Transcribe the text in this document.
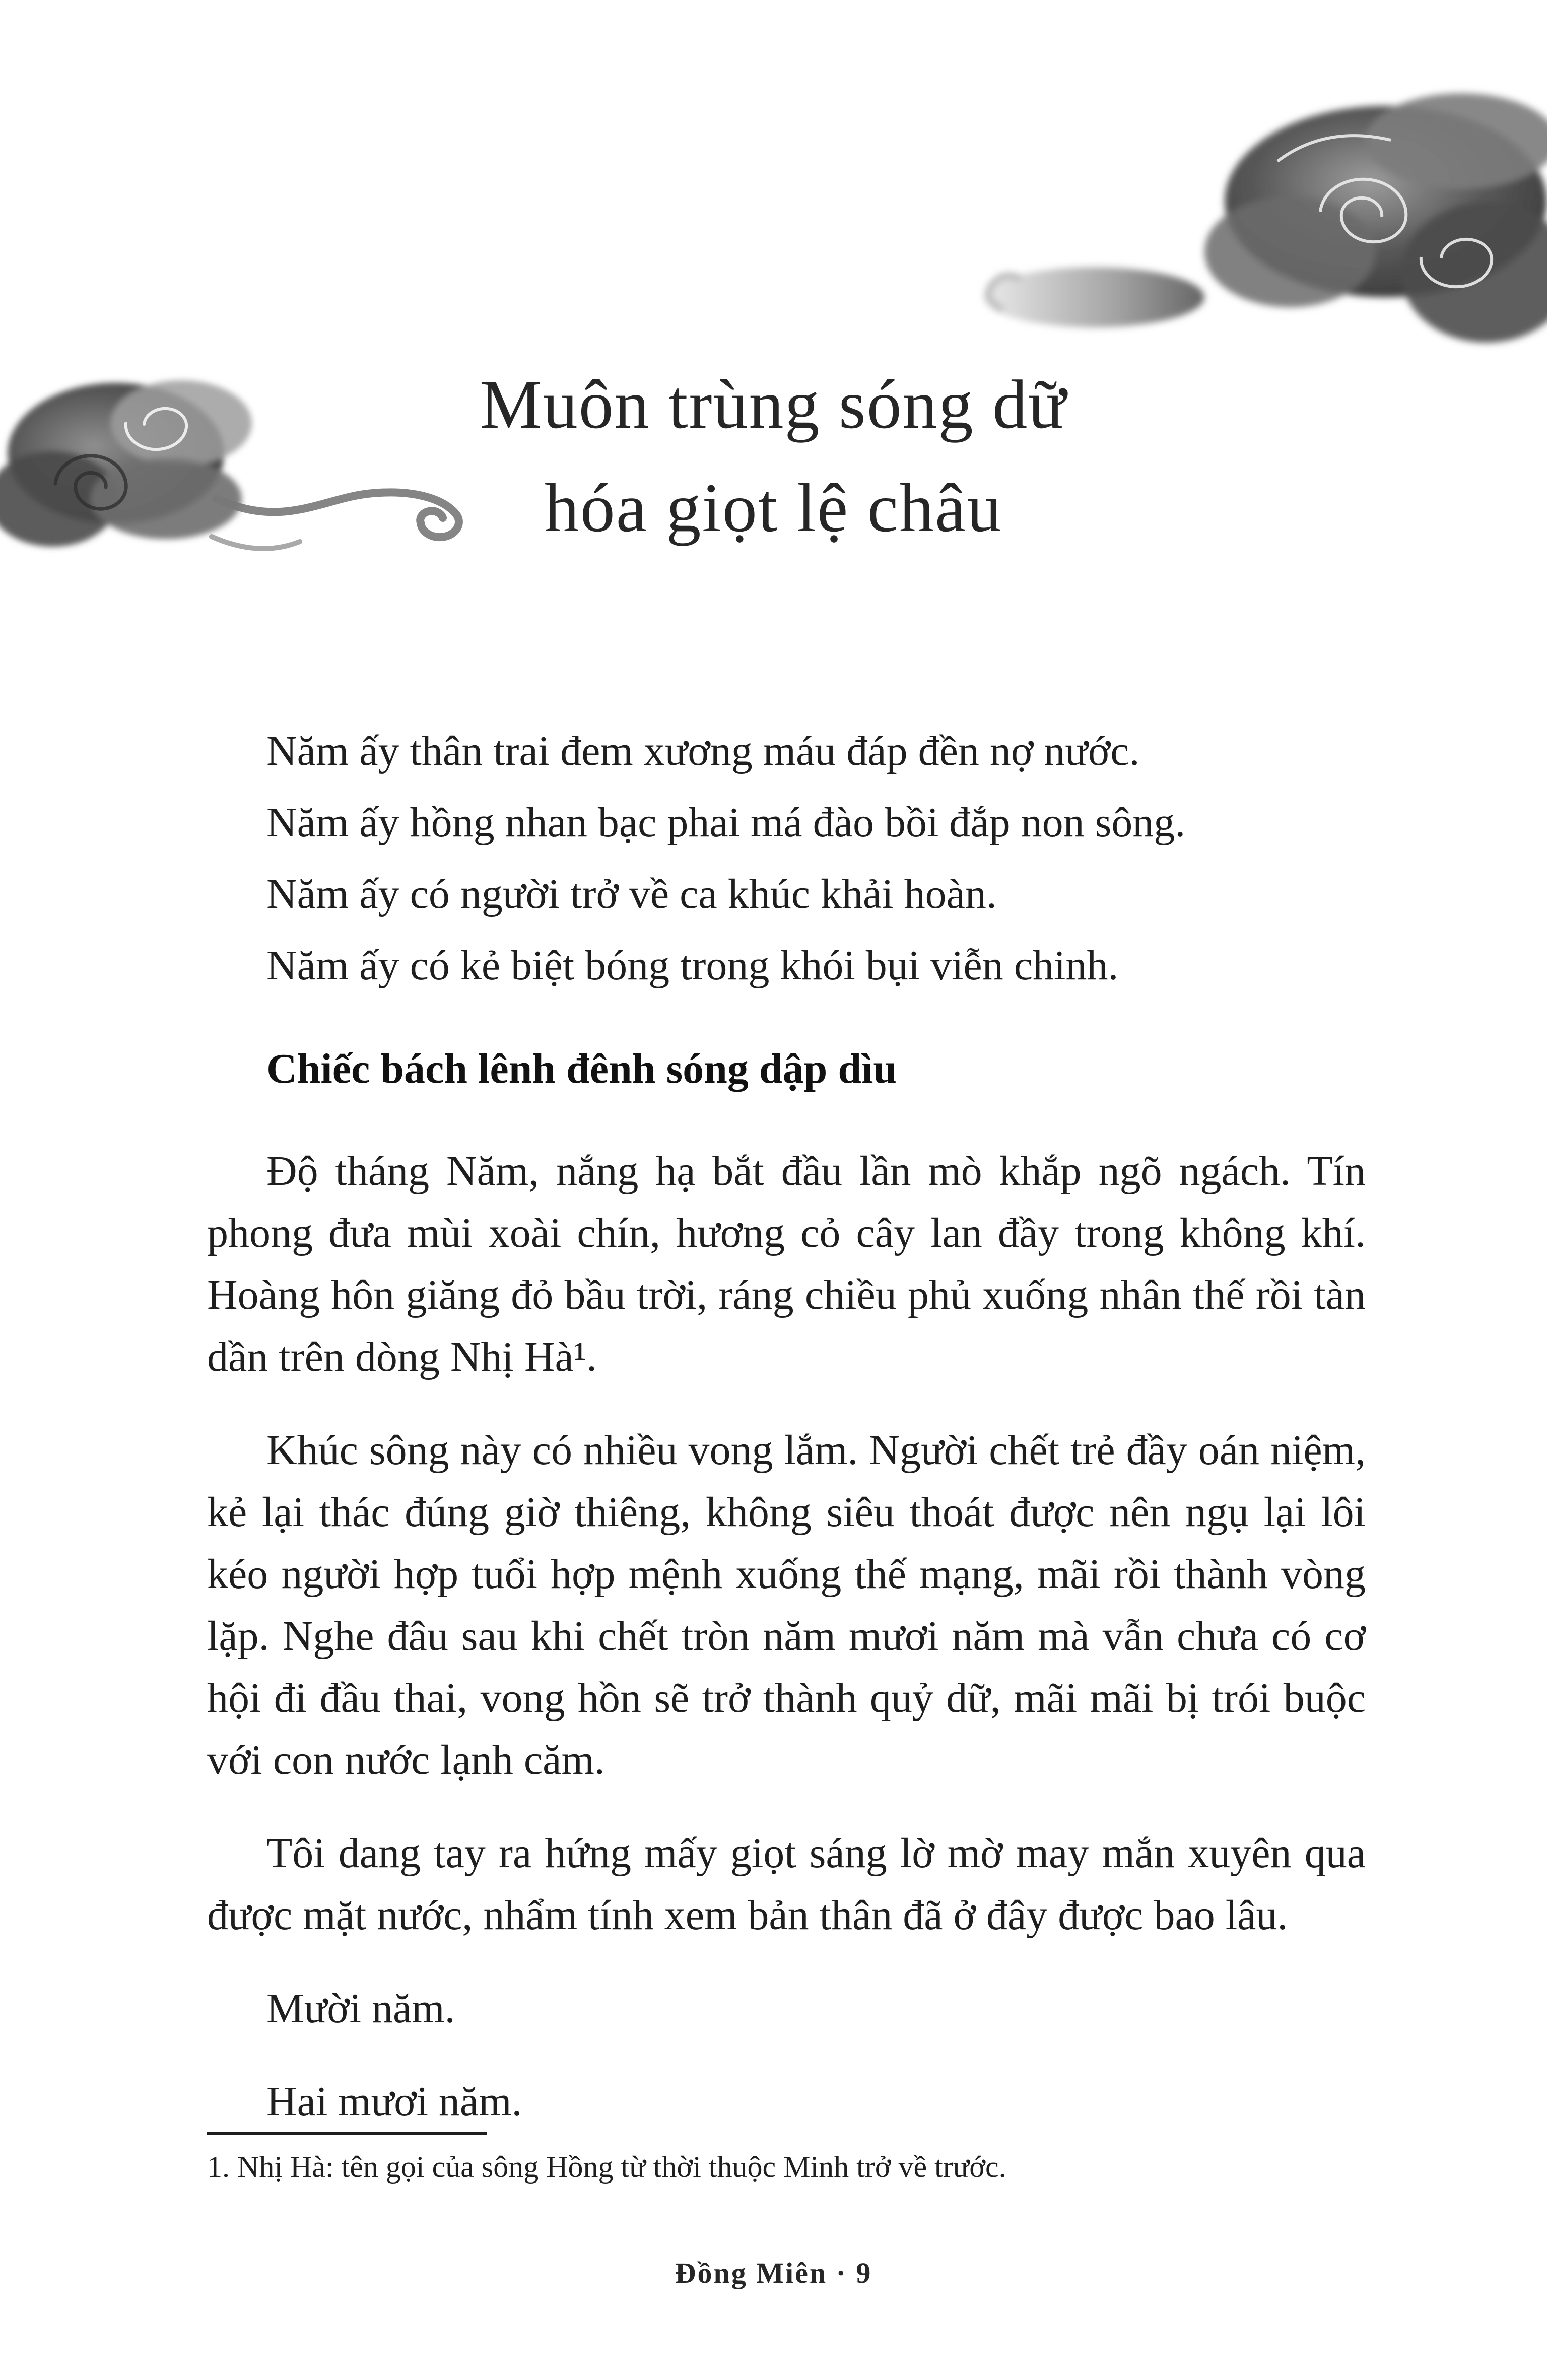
Muôn trùng sóng dữ
hóa giọt lệ châu
Năm ấy thân trai đem xương máu đáp đền nợ nước.
Năm ấy hồng nhan bạc phai má đào bồi đắp non sông.
Năm ấy có người trở về ca khúc khải hoàn.
Năm ấy có kẻ biệt bóng trong khói bụi viễn chinh.
Chiếc bách lênh đênh sóng dập dìu

Độ tháng Năm, nắng hạ bắt đầu lần mò khắp ngõ ngách. Tín phong đưa mùi xoài chín, hương cỏ cây lan đầy trong không khí. Hoàng hôn giăng đỏ bầu trời, ráng chiều phủ xuống nhân thế rồi tàn dần trên dòng Nhị Hà¹.

Khúc sông này có nhiều vong lắm. Người chết trẻ đầy oán niệm, kẻ lại thác đúng giờ thiêng, không siêu thoát được nên ngụ lại lôi kéo người hợp tuổi hợp mệnh xuống thế mạng, mãi rồi thành vòng lặp. Nghe đâu sau khi chết tròn năm mươi năm mà vẫn chưa có cơ hội đi đầu thai, vong hồn sẽ trở thành quỷ dữ, mãi mãi bị trói buộc với con nước lạnh căm.

Tôi dang tay ra hứng mấy giọt sáng lờ mờ may mắn xuyên qua được mặt nước, nhẩm tính xem bản thân đã ở đây được bao lâu.

Mười năm.

Hai mươi năm.

1. Nhị Hà: tên gọi của sông Hồng từ thời thuộc Minh trở về trước.
Đồng Miên · 9
